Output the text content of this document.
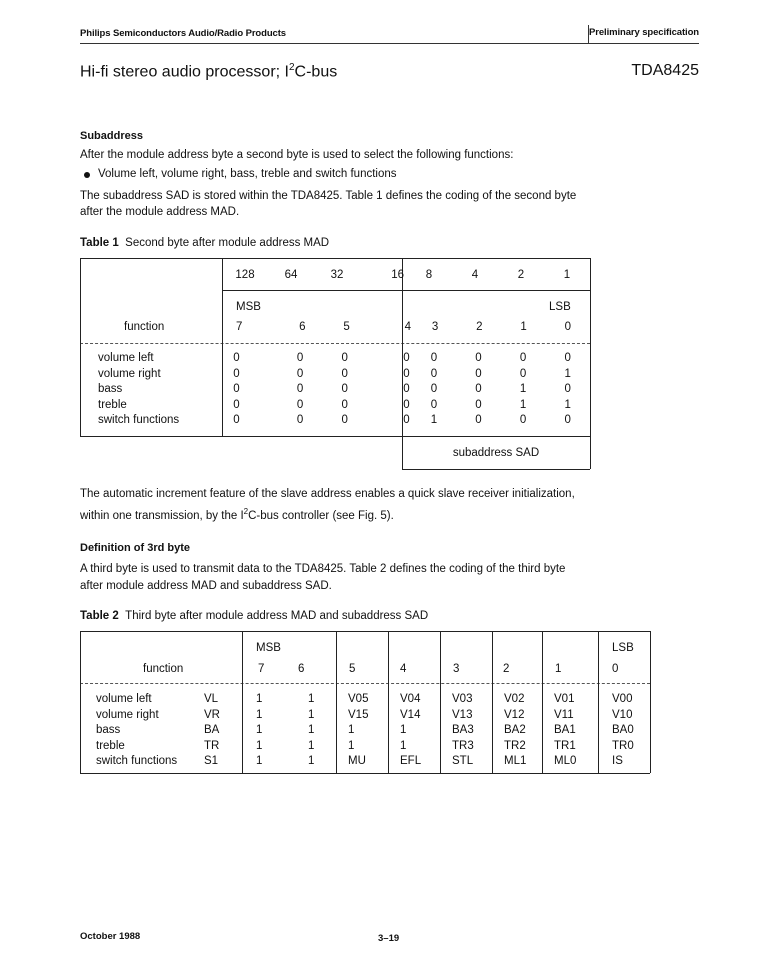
Philips Semiconductors Audio/Radio Products	Preliminary specification
Hi-fi stereo audio processor; $I^2C$-bus	TDA8425
Subaddress
After the module address byte a second byte is used to select the following functions:
Volume left, volume right, bass, treble and switch functions
The subaddress SAD is stored within the TDA8425. Table 1 defines the coding of the second byte
after the module address MAD.
Table 1 Second byte after module address MAD
128	64	32	16	8	4	2	1
MSB	LSB
function	7	6	5	4	3	2	1	0
volume left	0	0	0	0	0	0	0	0
volume right	0	0	0	0	0	0	0	1
bass	0	0	0	0	0	0	1	0
treble	0	0	0	0	0	0	1	1
switch functions	0	0	0	0	1	0	0	0
subaddress SAD
The automatic increment feature of the slave address enables a quick slave receiver initialization,
within one transmission, by the $I^2C$-bus controller (see Fig. 5).
Definition of 3rd byte
A third byte is used to transmit data to the TDA8425. Table 2 defines the coding of the third byte
after module address MAD and subaddress SAD.
Table 2 Third byte after module address MAD and subaddress SAD
MSB	LSB
function	7	6	5	4	3	2	1	0
volume left	VL	1	1	V05	V04	V03	V02	V01	V00
volume right	VR	1	1	V15	V14	V13	V12	V11	V10
bass	BA	1	1	1	1	BA3	BA2	BA1	BA0
treble	TR	1	1	1	1	TR3	TR2	TR1	TR0
switch functions	S1	1	1	MU	EFL	STL	ML1	ML0	IS
October 1988	3–19
